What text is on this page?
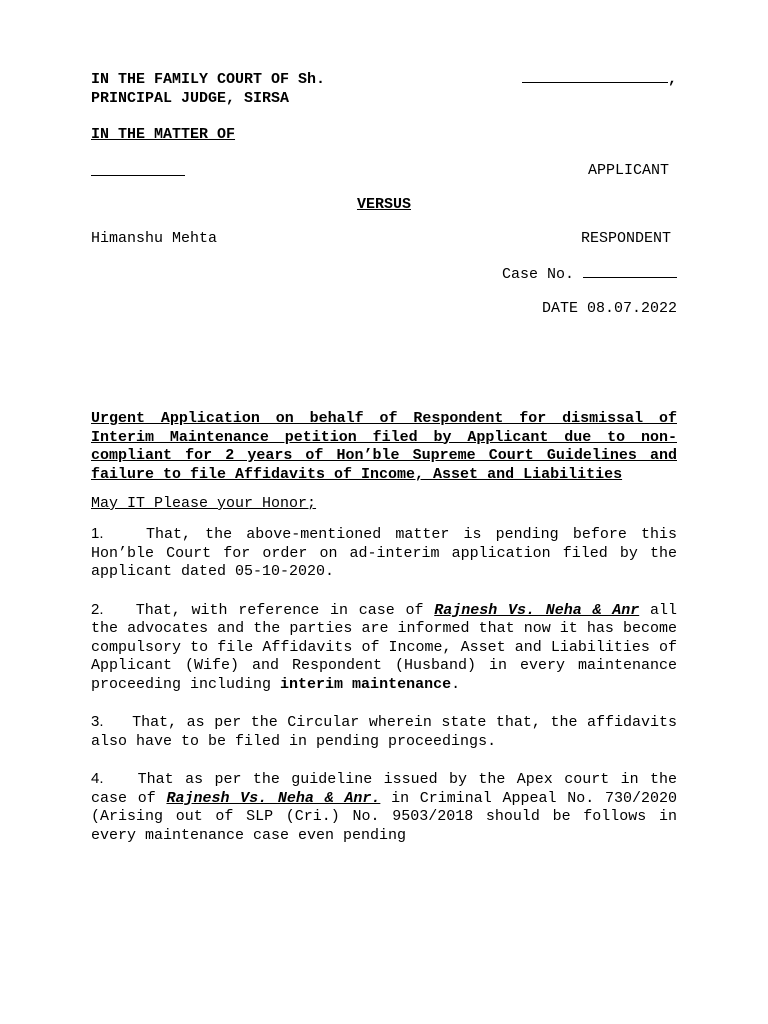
IN THE FAMILY COURT OF Sh.	,
PRINCIPAL JUDGE, SIRSA
IN THE MATTER OF
APPLICANT
VERSUS
Himanshu Mehta	RESPONDENT
Case No.
DATE 08.07.2022
Urgent Application on behalf of Respondent for dismissal of Interim Maintenance petition filed by Applicant due to non-compliant for 2 years of Hon’ble Supreme Court Guidelines and failure to file Affidavits of Income, Asset and Liabilities
May IT Please your Honor;
1.	That, the above-mentioned matter is pending before this Hon’ble Court for order on ad-interim application filed by the applicant dated 05-10-2020.
2. That, with reference in case of Rajnesh Vs. Neha & Anr all the advocates and the parties are informed that now it has become compulsory to file Affidavits of Income, Asset and Liabilities of Applicant (Wife) and Respondent (Husband) in every maintenance proceeding including interim maintenance.
3. That, as per the Circular wherein state that, the affidavits also have to be filed in pending proceedings.
4. That as per the guideline issued by the Apex court in the case of Rajnesh Vs. Neha & Anr. in Criminal Appeal No. 730/2020 (Arising out of SLP (Cri.) No. 9503/2018 should be follows in every maintenance case even pending
